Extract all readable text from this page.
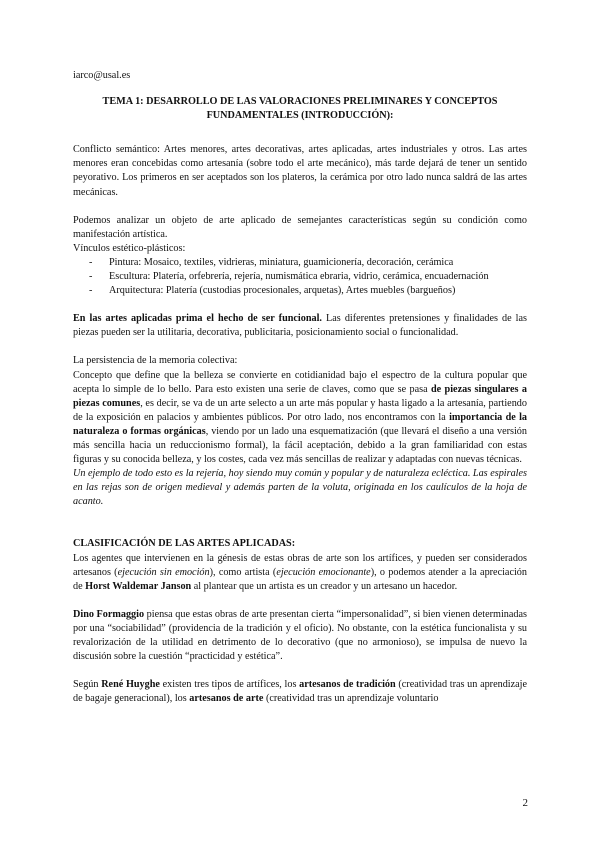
iarco@usal.es

TEMA 1: DESARROLLO DE LAS VALORACIONES PRELIMINARES Y CONCEPTOS FUNDAMENTALES (INTRODUCCIÓN):

Conflicto semántico: Artes menores, artes decorativas, artes aplicadas, artes industriales y otros. Las artes menores eran concebidas como artesanía (sobre todo el arte mecánico), más tarde dejará de tener un sentido peyorativo. Los primeros en ser aceptados son los plateros, la cerámica por otro lado nunca saldrá de las artes mecánicas.

Podemos analizar un objeto de arte aplicado de semejantes características según su condición como manifestación artística.

Vínculos estético-plásticos:

- Pintura: Mosaico, textiles, vidrieras, miniatura, guamicionería, decoración, cerámica
- Escultura: Platería, orfebrería, rejería, numismática ebraria, vidrio, cerámica, encuadernación
- Arquitectura: Platería (custodias procesionales, arquetas), Artes muebles (bargueños)

En las artes aplicadas prima el hecho de ser funcional. Las diferentes pretensiones y finalidades de las piezas pueden ser la utilitaria, decorativa, publicitaria, posicionamiento social o funcionalidad.

La persistencia de la memoria colectiva:

Concepto que define que la belleza se convierte en cotidianidad bajo el espectro de la cultura popular que acepta lo simple de lo bello. Para esto existen una serie de claves, como que se pasa de piezas singulares a piezas comunes, es decir, se va de un arte selecto a un arte más popular y hasta ligado a la artesanía, partiendo de la exposición en palacios y ambientes públicos. Por otro lado, nos encontramos con la importancia de la naturaleza o formas orgánicas, viendo por un lado una esquematización (que llevará el diseño a una versión más sencilla hacia un reduccionismo formal), la fácil aceptación, debido a la gran familiaridad con estas figuras y su conocida belleza, y los costes, cada vez más sencillas de realizar y adaptadas con nuevas técnicas.

Un ejemplo de todo esto es la rejería, hoy siendo muy común y popular y de naturaleza ecléctica. Las espirales en las rejas son de origen medieval y además parten de la voluta, originada en los caulículos de la hoja de acanto.

CLASIFICACIÓN DE LAS ARTES APLICADAS:

Los agentes que intervienen en la génesis de estas obras de arte son los artífices, y pueden ser considerados artesanos (ejecución sin emoción), como artista (ejecución emocionante), o podemos atender a la apreciación de Horst Waldemar Janson al plantear que un artista es un creador y un artesano un hacedor.

Dino Formaggio piensa que estas obras de arte presentan cierta “impersonalidad”, si bien vienen determinadas por una “sociabilidad” (providencia de la tradición y el oficio). No obstante, con la estética funcionalista y su revalorización de la utilidad en detrimento de lo decorativo (que no armonioso), se impulsa de nuevo la discusión sobre la cuestión “practicidad y estética”.

Según René Huyghe existen tres tipos de artífices, los artesanos de tradición (creatividad tras un aprendizaje de bagaje generacional), los artesanos de arte (creatividad tras un aprendizaje voluntario

2
